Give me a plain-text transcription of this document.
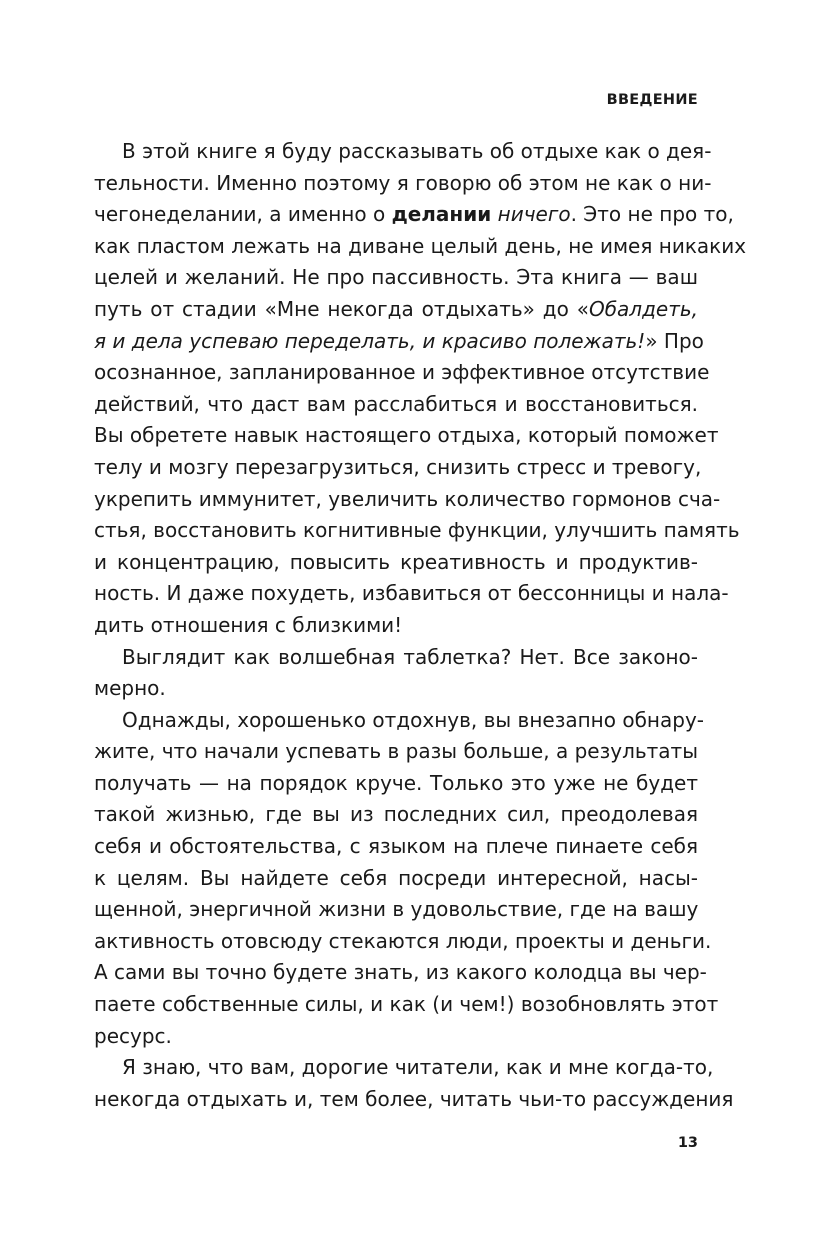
ВВЕДЕНИЕ
В этой книге я буду рассказывать об отдыхе как о дея-
тельности. Именно поэтому я говорю об этом не как о ни-
чегонеделании, а именно о делании ничего. Это не про то,
как пластом лежать на диване целый день, не имея никаких
целей и желаний. Не про пассивность. Эта книга — ваш
путь от стадии «Мне некогда отдыхать» до «Обалдеть,
я и дела успеваю переделать, и красиво полежать!» Про
осознанное, запланированное и эффективное отсутствие
действий, что даст вам расслабиться и восстановиться.
Вы обретете навык настоящего отдыха, который поможет
телу и мозгу перезагрузиться, снизить стресс и тревогу,
укрепить иммунитет, увеличить количество гормонов сча-
стья, восстановить когнитивные функции, улучшить память
и концентрацию, повысить креативность и продуктив-
ность. И даже похудеть, избавиться от бессонницы и нала-
дить отношения с близкими!
Выглядит как волшебная таблетка? Нет. Все законо-
мерно.
Однажды, хорошенько отдохнув, вы внезапно обнару-
жите, что начали успевать в разы больше, а результаты
получать — на порядок круче. Только это уже не будет
такой жизнью, где вы из последних сил, преодолевая
себя и обстоятельства, с языком на плече пинаете себя
к целям. Вы найдете себя посреди интересной, насы-
щенной, энергичной жизни в удовольствие, где на вашу
активность отовсюду стекаются люди, проекты и деньги.
А сами вы точно будете знать, из какого колодца вы чер-
паете собственные силы, и как (и чем!) возобновлять этот
ресурс.
Я знаю, что вам, дорогие читатели, как и мне когда-то,
некогда отдыхать и, тем более, читать чьи-то рассуждения

13
